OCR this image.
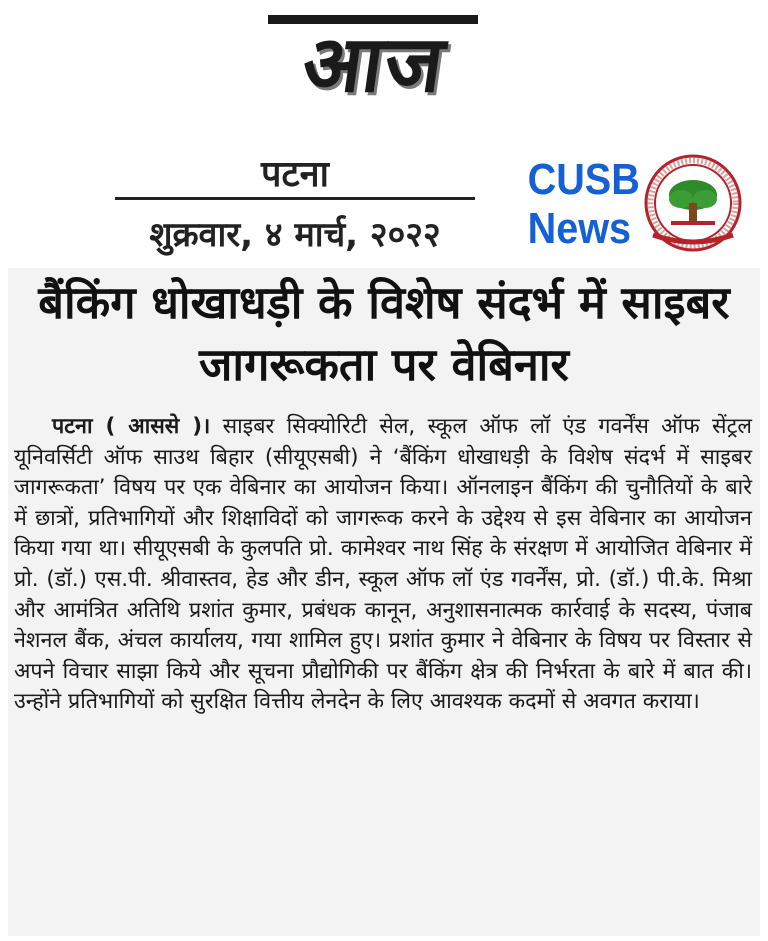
आज
पटना
शुक्रवार, ४ मार्च, २०२२
CUSB
News
बैंकिंग धोखाधड़ी के विशेष संदर्भ में साइबर जागरूकता पर वेबिनार
पटना ( आससे )। साइबर सिक्योरिटी सेल, स्कूल ऑफ लॉ एंड गवर्नेंस ऑफ सेंट्रल यूनिवर्सिटी ऑफ साउथ बिहार (सीयूएसबी) ने ‘बैंकिंग धोखाधड़ी के विशेष संदर्भ में साइबर जागरूकता’ विषय पर एक वेबिनार का आयोजन किया। ऑनलाइन बैंकिंग की चुनौतियों के बारे में छात्रों, प्रतिभागियों और शिक्षाविदों को जागरूक करने के उद्देश्य से इस वेबिनार का आयोजन किया गया था। सीयूएसबी के कुलपति प्रो. कामेश्वर नाथ सिंह के संरक्षण में आयोजित वेबिनार में प्रो. (डॉ.) एस.पी. श्रीवास्तव, हेड और डीन, स्कूल ऑफ लॉ एंड गवर्नेंस, प्रो. (डॉ.) पी.के. मिश्रा और आमंत्रित अतिथि प्रशांत कुमार, प्रबंधक कानून, अनुशासनात्मक कार्रवाई के सदस्य, पंजाब नेशनल बैंक, अंचल कार्यालय, गया शामिल हुए। प्रशांत कुमार ने वेबिनार के विषय पर विस्तार से अपने विचार साझा किये और सूचना प्रौद्योगिकी पर बैंकिंग क्षेत्र की निर्भरता के बारे में बात की। उन्होंने प्रतिभागियों को सुरक्षित वित्तीय लेनदेन के लिए आवश्यक कदमों से अवगत कराया।
